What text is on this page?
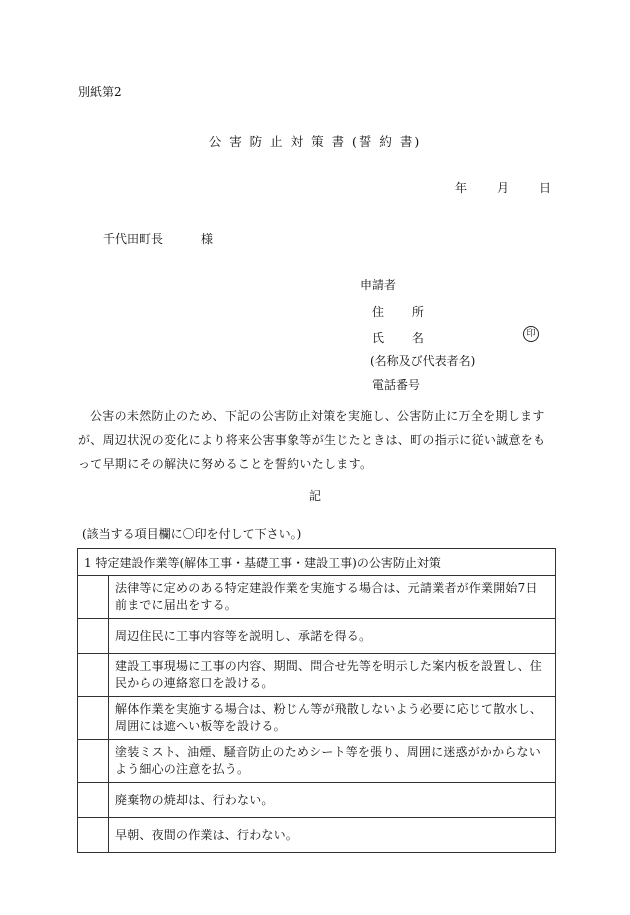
別紙第2
公 害 防 止 対 策 書 (誓 約 書)
年	月	日
千代田町長	様
申請者
住 所
氏 名	印
(名称及び代表者名)
電話番号
公害の未然防止のため、下記の公害防止対策を実施し、公害防止に万全を期しますが、周辺状況の変化により将来公害事象等が生じたときは、町の指示に従い誠意をもって早期にその解決に努めることを誓約いたします。
記
(該当する項目欄に〇印を付して下さい。)
1 特定建設作業等(解体工事・基礎工事・建設工事)の公害防止対策	
	法律等に定めのある特定建設作業を実施する場合は、元請業者が作業開始7日前までに届出をする。
	周辺住民に工事内容等を説明し、承諾を得る。
	建設工事現場に工事の内容、期間、問合せ先等を明示した案内板を設置し、住民からの連絡窓口を設ける。
	解体作業を実施する場合は、粉じん等が飛散しないよう必要に応じて散水し、周囲には遮へい板等を設ける。
	塗装ミスト、油煙、騒音防止のためシート等を張り、周囲に迷惑がかからないよう細心の注意を払う。
	廃棄物の焼却は、行わない。
	早朝、夜間の作業は、行わない。
